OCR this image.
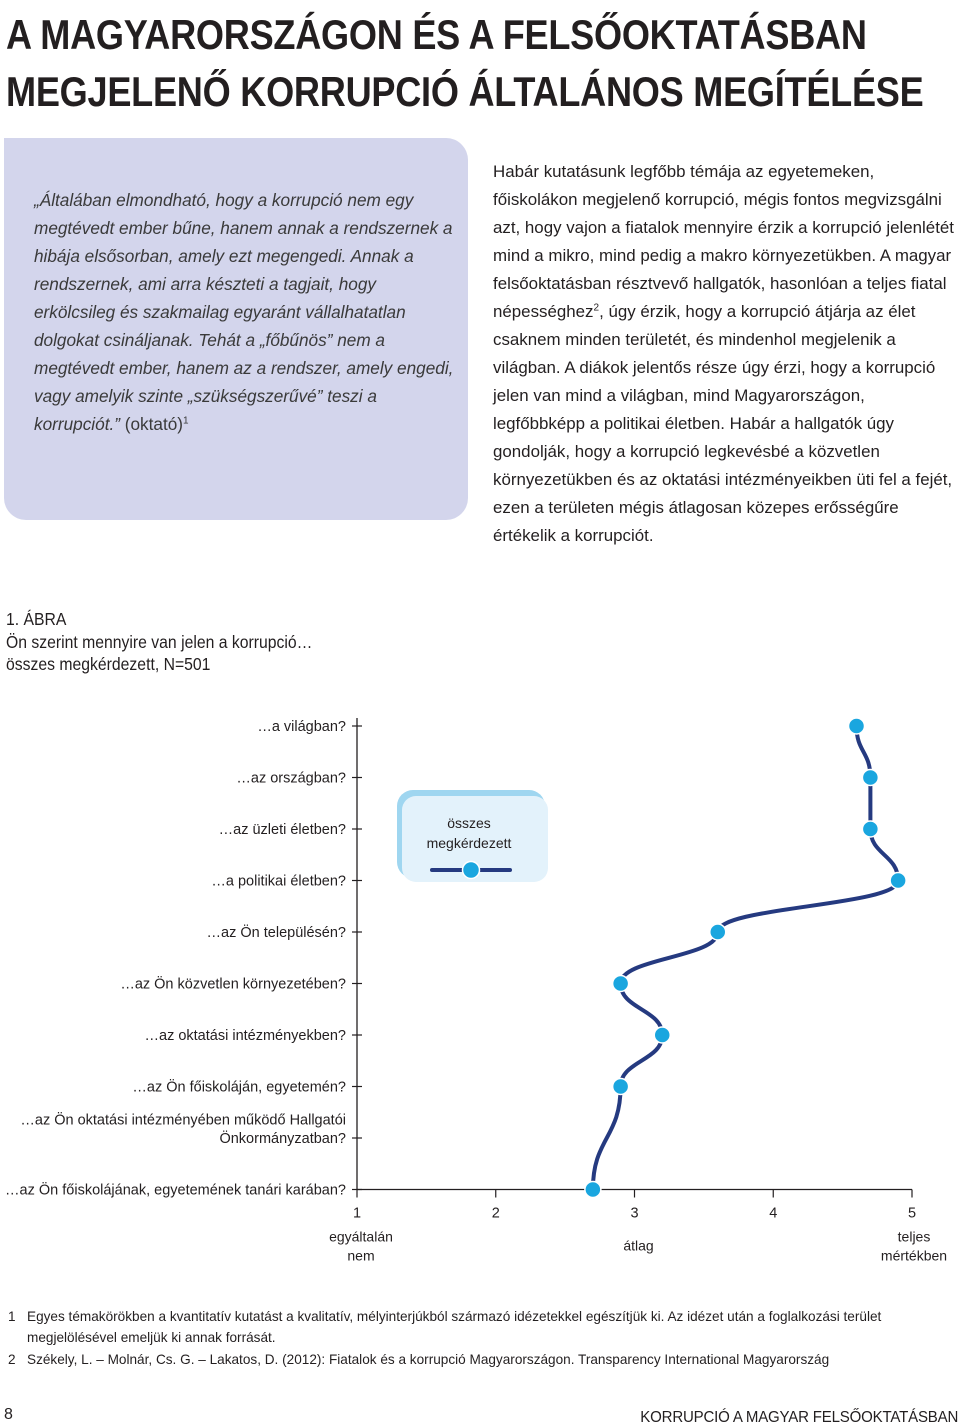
A MAGYARORSZÁGON ÉS A FELSŐOKTATÁSBAN
MEGJELENŐ KORRUPCIÓ ÁLTALÁNOS MEGÍTÉLÉSE

„Általában elmondható, hogy a korrupció nem egy megtévedt ember bűne, hanem annak a rendszernek a hibája elsősorban, amely ezt megengedi. Annak a rendszernek, ami arra készteti a tagjait, hogy erkölcsileg és szakmailag egyaránt vállalhatatlan dolgokat csináljanak. Tehát a „főbűnös” nem a megtévedt ember, hanem az a rendszer, amely engedi, vagy amelyik szinte „szükségszerűvé” teszi a korrupciót.” (oktató)$^1$

Habár kutatásunk legfőbb témája az egyetemeken, főiskolákon megjelenő korrupció, mégis fontos megvizsgálni azt, hogy vajon a fiatalok mennyire érzik a korrupció jelenlétét mind a mikro, mind pedig a makro környezetükben. A magyar felsőoktatásban résztvevő hallgatók, hasonlóan a teljes fiatal népességhez$^2$, úgy érzik, hogy a korrupció átjárja az élet csaknem minden területét, és mindenhol megjelenik a világban. A diákok jelentős része úgy érzi, hogy a korrupció jelen van mind a világban, mind Magyarországon, legfőbbképp a politikai életben. Habár a hallgatók úgy gondolják, hogy a korrupció legkevésbé a közvetlen környezetükben és az oktatási intézményeikben üti fel a fejét, ezen a területen mégis átlagosan közepes erősségűre értékelik a korrupciót.

1. ÁBRA
Ön szerint mennyire van jelen a korrupció…
összes megkérdezett, N=501
összes megkérdezett
1	2	3	4	5
egyáltalán nem
átlag
teljes mértékben
…a világban?
…az országban?
…az üzleti életben?
…a politikai életben?
…az Ön településén?
…az Ön közvetlen környezetében?
…az oktatási intézményekben?
…az Ön főiskoláján, egyetemén?
…az Ön oktatási intézményében működő Hallgatói Önkormányzatban?
…az Ön főiskolájának, egyetemének tanári karában?
1 Egyes témakörökben a kvantitatív kutatást a kvalitatív, mélyinterjúkból származó idézetekkel egészítjük ki. Az idézet után a foglalkozási terület megjelölésével emeljük ki annak forrását.
2 Székely, L. – Molnár, Cs. G. – Lakatos, D. (2012): Fiatalok és a korrupció Magyarországon. Transparency International Magyarország
8	KORRUPCIÓ A MAGYAR FELSŐOKTATÁSBAN
